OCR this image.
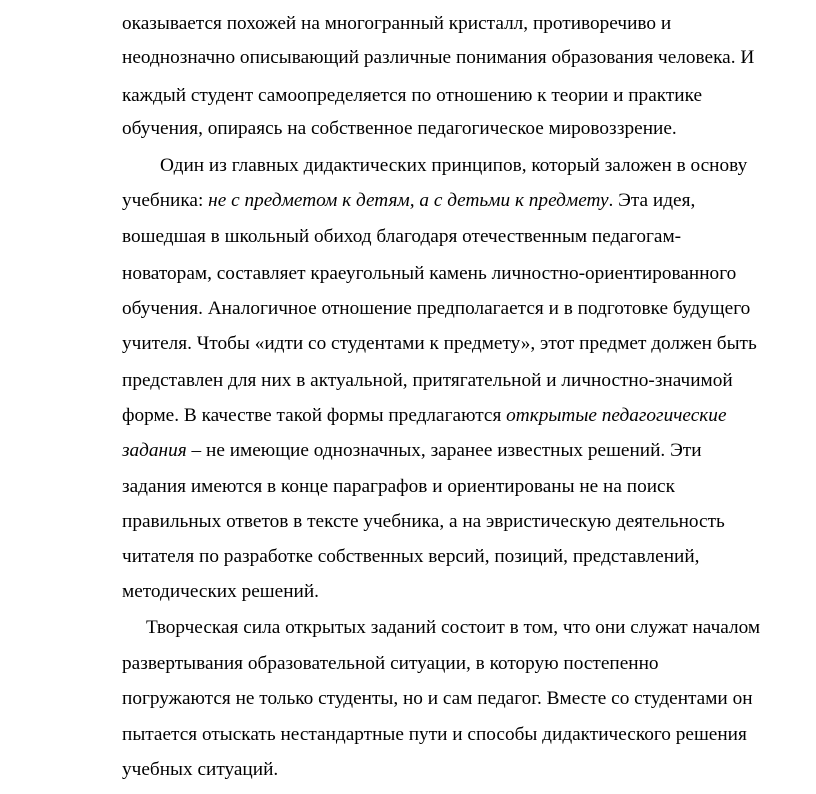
оказывается похожей на многогранный кристалл, противоречиво и
неоднозначно описывающий различные понимания образования человека. И
каждый студент самоопределяется по отношению к теории и практике
обучения, опираясь на собственное педагогическое мировоззрение.
Один из главных дидактических принципов, который заложен в основу
учебника: не с предметом к детям, а с детьми к предмету. Эта идея,
вошедшая в школьный обиход благодаря отечественным педагогам-
новаторам, составляет краеугольный камень личностно-ориентированного
обучения. Аналогичное отношение предполагается и в подготовке будущего
учителя. Чтобы «идти со студентами к предмету», этот предмет должен быть
представлен для них в актуальной, притягательной и личностно-значимой
форме. В качестве такой формы предлагаются открытые педагогические
задания – не имеющие однозначных, заранее известных решений. Эти
задания имеются в конце параграфов и ориентированы не на поиск
правильных ответов в тексте учебника, а на эвристическую деятельность
читателя по разработке собственных версий, позиций, представлений,
методических решений.
Творческая сила открытых заданий состоит в том, что они служат началом
развертывания образовательной ситуации, в которую постепенно
погружаются не только студенты, но и сам педагог. Вместе со студентами он
пытается отыскать нестандартные пути и способы дидактического решения
учебных ситуаций.
